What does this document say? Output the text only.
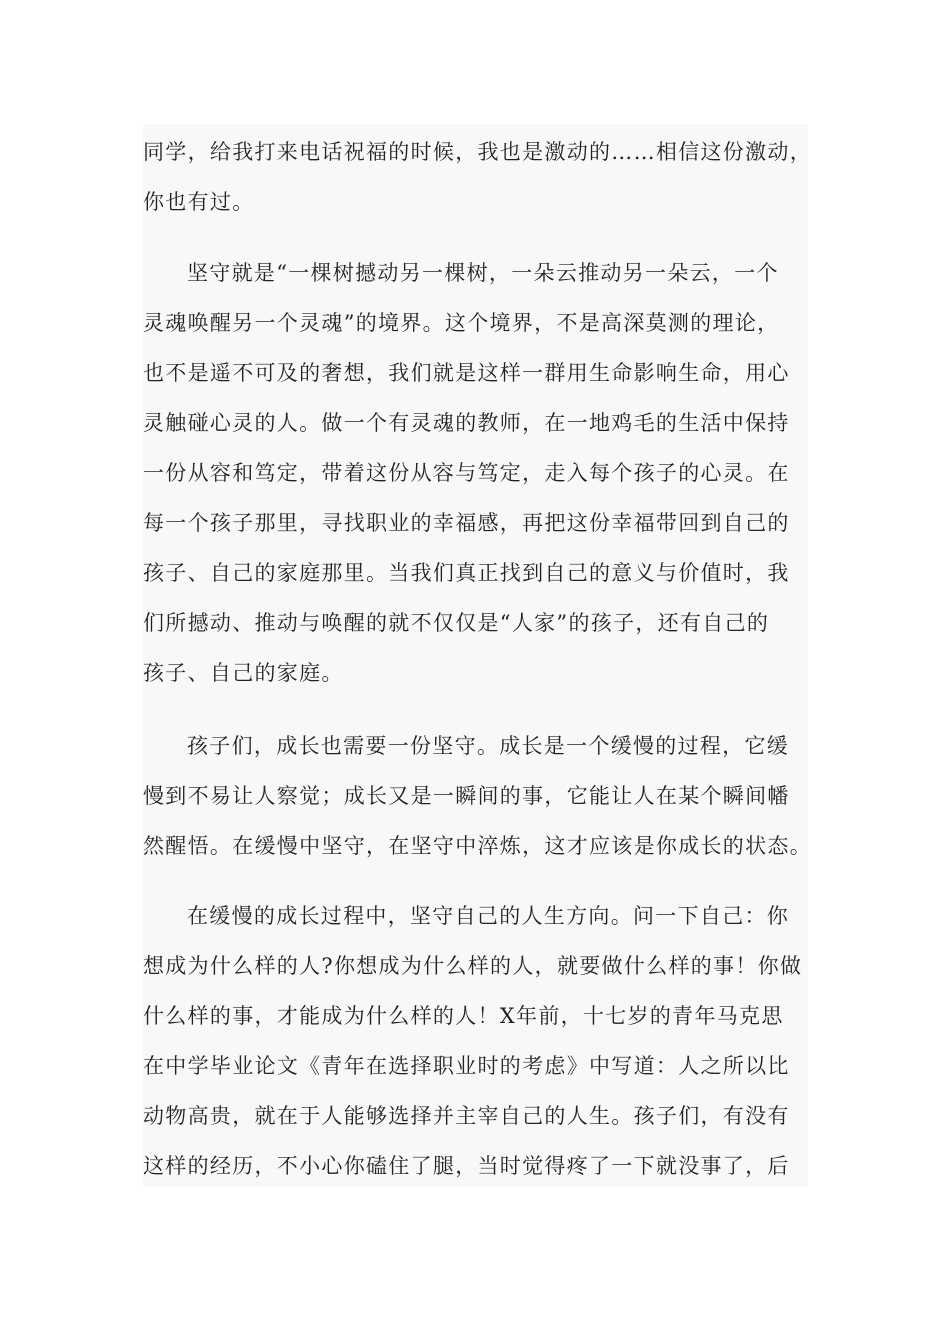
同学，给我打来电话祝福的时候，我也是激动的……相信这份激动，
你也有过。
坚守就是“一棵树撼动另一棵树，一朵云推动另一朵云，一个
灵魂唤醒另一个灵魂”的境界。这个境界，不是高深莫测的理论，
也不是遥不可及的奢想，我们就是这样一群用生命影响生命，用心
灵触碰心灵的人。做一个有灵魂的教师，在一地鸡毛的生活中保持
一份从容和笃定，带着这份从容与笃定，走入每个孩子的心灵。在
每一个孩子那里，寻找职业的幸福感，再把这份幸福带回到自己的
孩子、自己的家庭那里。当我们真正找到自己的意义与价值时，我
们所撼动、推动与唤醒的就不仅仅是“人家”的孩子，还有自己的
孩子、自己的家庭。
孩子们，成长也需要一份坚守。成长是一个缓慢的过程，它缓
慢到不易让人察觉；成长又是一瞬间的事，它能让人在某个瞬间幡
然醒悟。在缓慢中坚守，在坚守中淬炼，这才应该是你成长的状态。
在缓慢的成长过程中，坚守自己的人生方向。问一下自己：你
想成为什么样的人?你想成为什么样的人，就要做什么样的事！你做
什么样的事，才能成为什么样的人！X年前，十七岁的青年马克思
在中学毕业论文《青年在选择职业时的考虑》中写道：人之所以比
动物高贵，就在于人能够选择并主宰自己的人生。孩子们，有没有
这样的经历，不小心你磕住了腿，当时觉得疼了一下就没事了，后
